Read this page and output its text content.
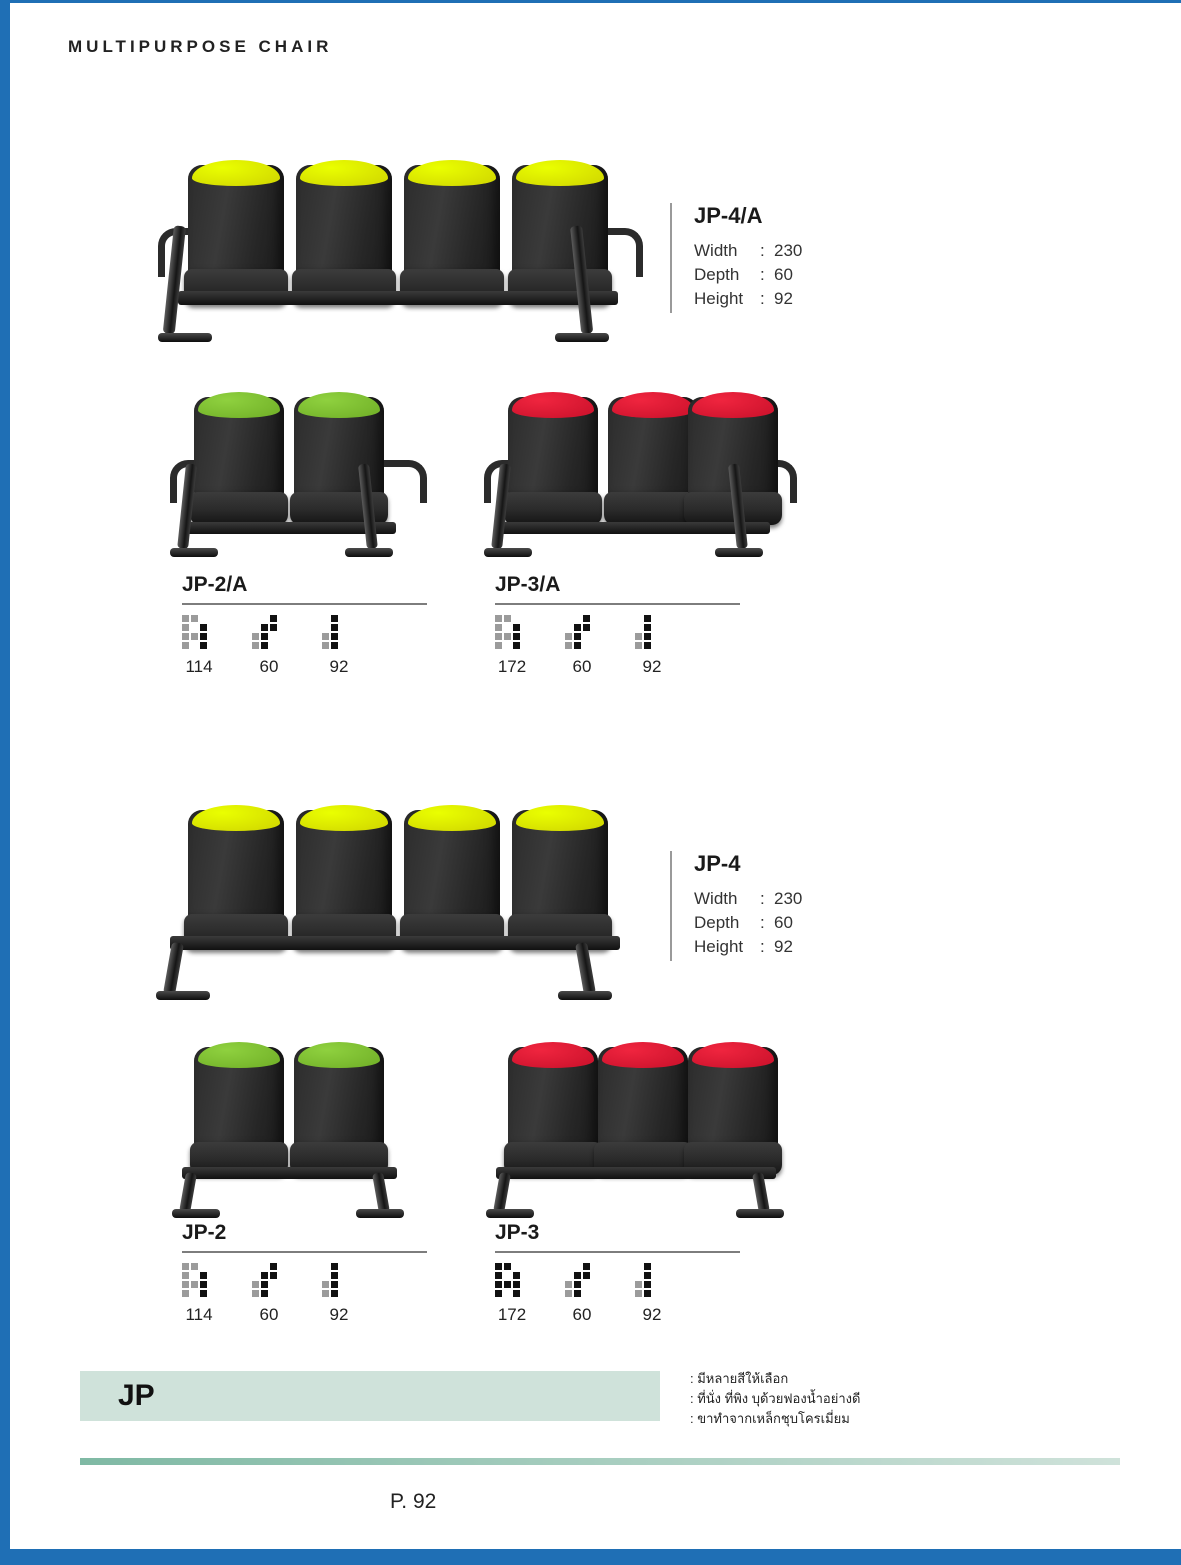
MULTIPURPOSE CHAIR
JP-4/A
Width	:	230
Depth	:	60
Height	:	92
JP-2/A
114	60	92
JP-3/A
172	60	92
JP-4
Width	:	230
Depth	:	60
Height	:	92
JP-2
114	60	92
JP-3
172	60	92
JP
: มีหลายสีให้เลือก
: ที่นั่ง ที่พิง บุด้วยฟองน้ำอย่างดี
: ขาทำจากเหล็กชุบโครเมี่ยม
P. 92
